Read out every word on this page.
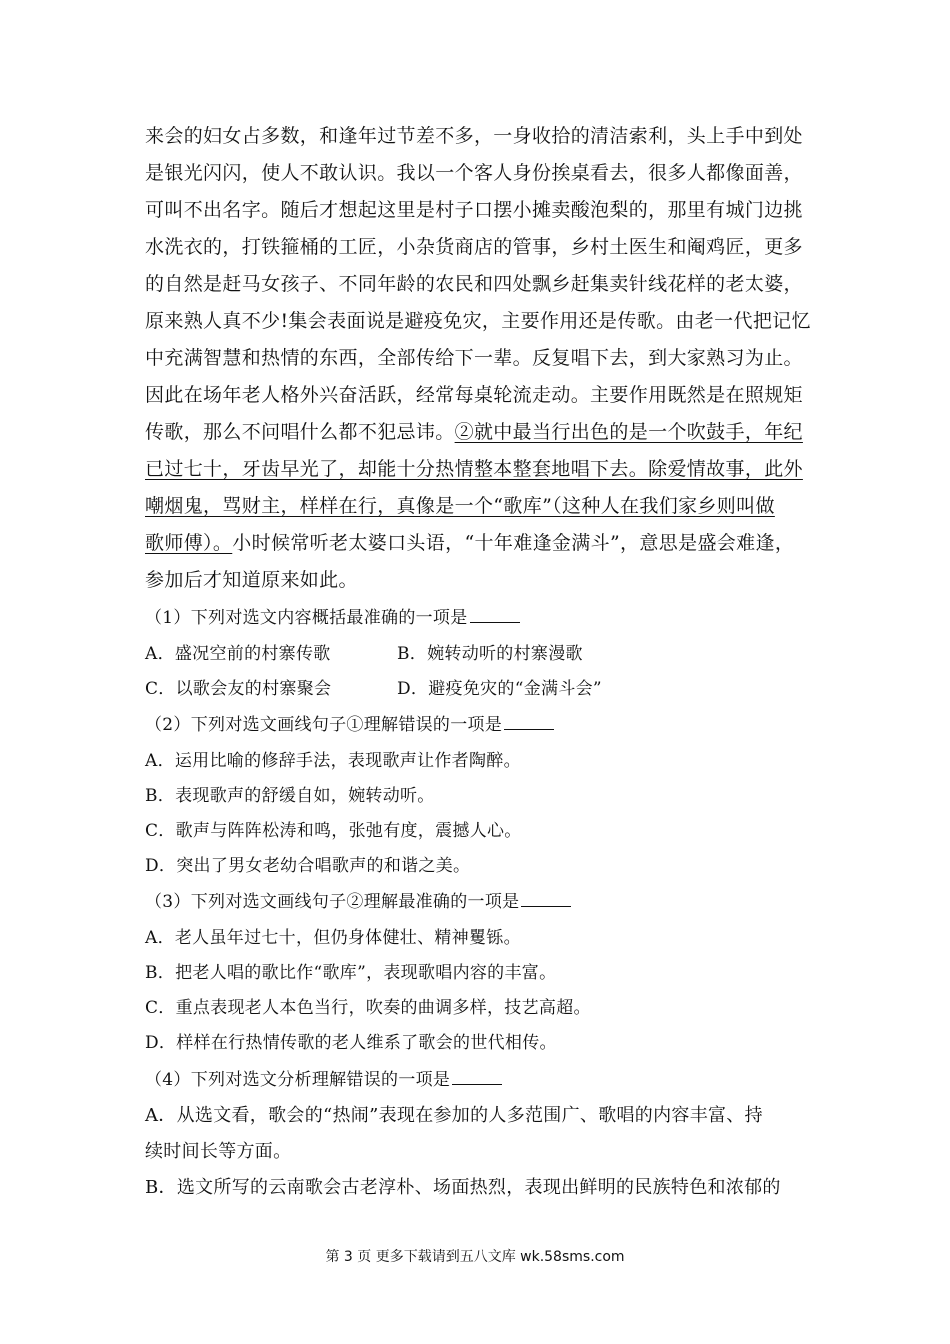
来会的妇女占多数，和逢年过节差不多，一身收拾的清洁索利，头上手中到处
是银光闪闪，使人不敢认识。我以一个客人身份挨桌看去，很多人都像面善，
可叫不出名字。随后才想起这里是村子口摆小摊卖酸泡梨的，那里有城门边挑
水洗衣的，打铁箍桶的工匠，小杂货商店的管事，乡村土医生和阉鸡匠，更多
的自然是赶马女孩子、不同年龄的农民和四处飘乡赶集卖针线花样的老太婆，
原来熟人真不少!集会表面说是避疫免灾，主要作用还是传歌。由老一代把记忆
中充满智慧和热情的东西，全部传给下一辈。反复唱下去，到大家熟习为止。
因此在场年老人格外兴奋活跃，经常每桌轮流走动。主要作用既然是在照规矩
传歌，那么不问唱什么都不犯忌讳。②就中最当行出色的是一个吹鼓手，年纪
已过七十，牙齿早光了，却能十分热情整本整套地唱下去。除爱情故事，此外
嘲烟鬼，骂财主，样样在行，真像是一个“歌库”（这种人在我们家乡则叫做
歌师傅）。小时候常听老太婆口头语，“十年难逢金满斗”，意思是盛会难逢，
参加后才知道原来如此。
（1）下列对选文内容概括最准确的一项是
A．盛况空前的村寨传歌	B．婉转动听的村寨漫歌
C．以歌会友的村寨聚会	D．避疫免灾的“金满斗会”
（2）下列对选文画线句子①理解错误的一项是
A．运用比喻的修辞手法，表现歌声让作者陶醉。
B．表现歌声的舒缓自如，婉转动听。
C．歌声与阵阵松涛和鸣，张弛有度，震撼人心。
D．突出了男女老幼合唱歌声的和谐之美。
（3）下列对选文画线句子②理解最准确的一项是
A．老人虽年过七十，但仍身体健壮、精神矍铄。
B．把老人唱的歌比作“歌库”，表现歌唱内容的丰富。
C．重点表现老人本色当行，吹奏的曲调多样，技艺高超。
D．样样在行热情传歌的老人维系了歌会的世代相传。
（4）下列对选文分析理解错误的一项是
A．从选文看，歌会的“热闹”表现在参加的人多范围广、歌唱的内容丰富、持
续时间长等方面。
B．选文所写的云南歌会古老淳朴、场面热烈，表现出鲜明的民族特色和浓郁的
第 3 页 更多下载请到五八文库 wk.58sms.com
